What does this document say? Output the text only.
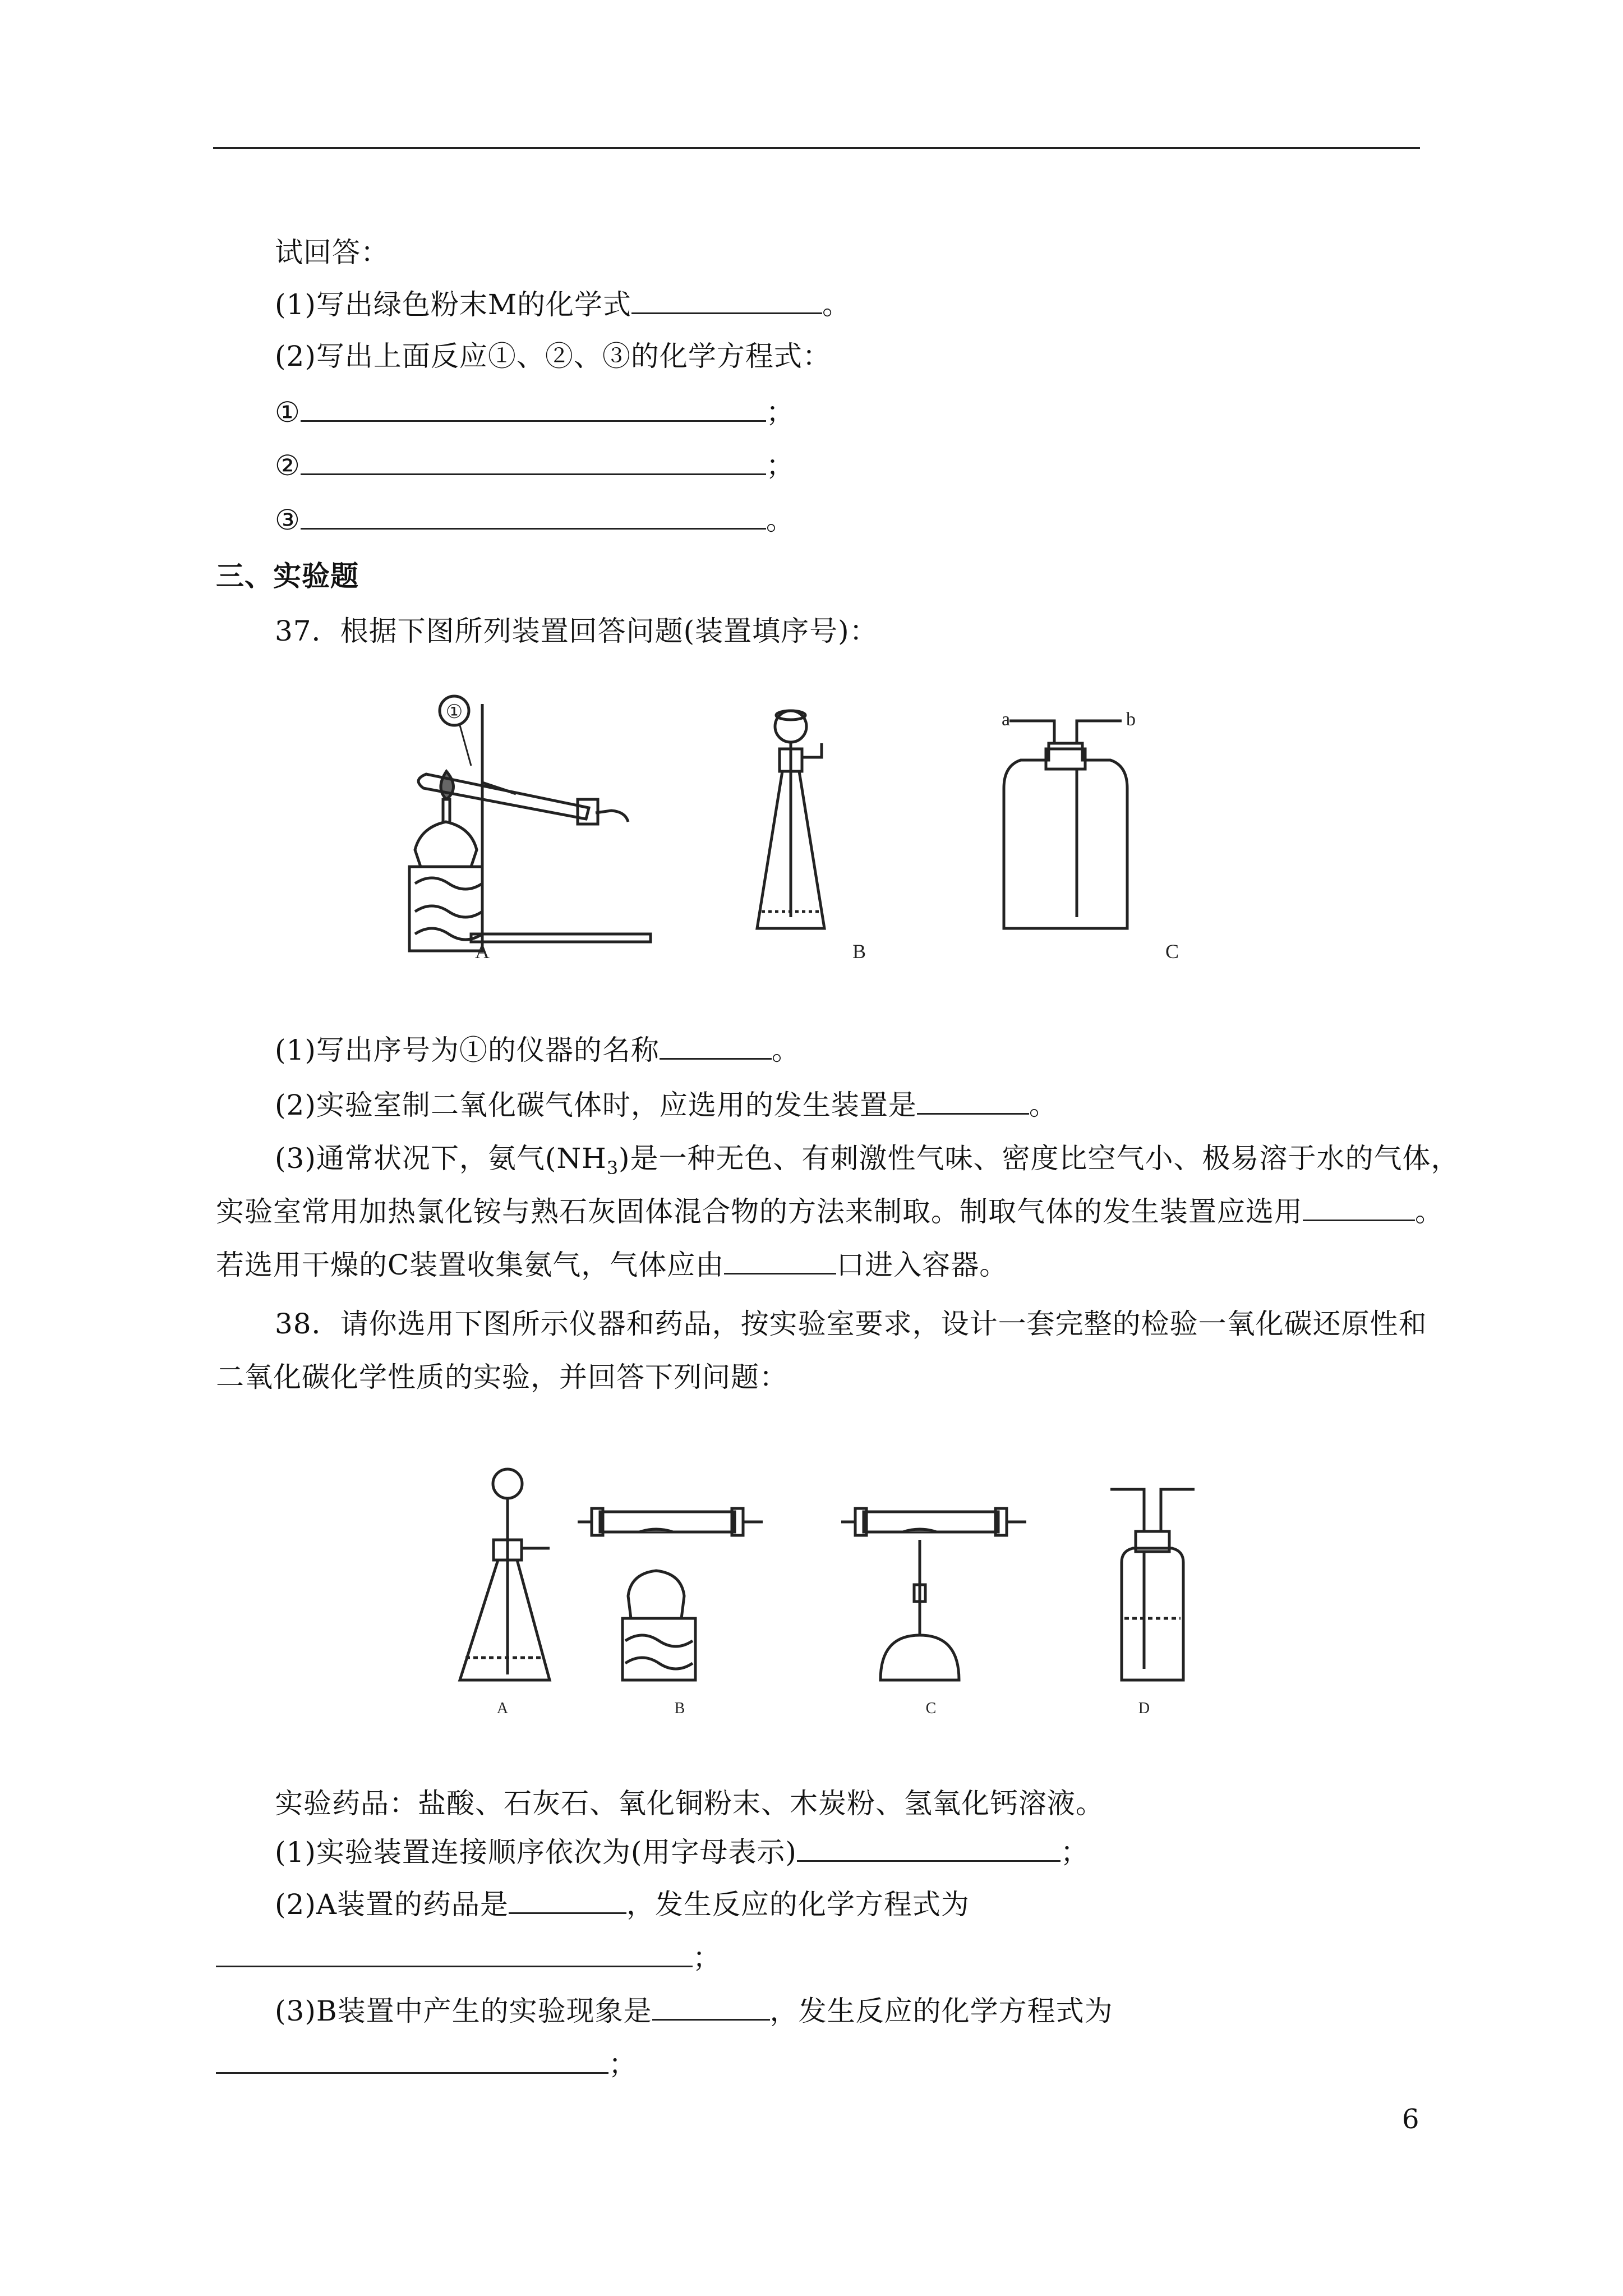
试回答：
(1)写出绿色粉末M的化学式	。
(2)写出上面反应①、②、③的化学方程式：
①	；
②	；
③	。
三、实验题
37．根据下图所列装置回答问题(装置填序号)：
①	a	b
A	B	C
(1)写出序号为①的仪器的名称	。
(2)实验室制二氧化碳气体时，应选用的发生装置是	。
(3)通常状况下，氨气$(NH_3)$是一种无色、有刺激性气味、密度比空气小、极易溶于水的气体，
实验室常用加热氯化铵与熟石灰固体混合物的方法来制取。制取气体的发生装置应选用	。
若选用干燥的C装置收集氨气，气体应由	口进入容器。
38．请你选用下图所示仪器和药品，按实验室要求，设计一套完整的检验一氧化碳还原性和
二氧化碳化学性质的实验，并回答下列问题：
A	B	C	D
实验药品：盐酸、石灰石、氧化铜粉末、木炭粉、氢氧化钙溶液。
(1)实验装置连接顺序依次为(用字母表示)	；
(2)A装置的药品是	，发生反应的化学方程式为
；
(3)B装置中产生的实验现象是	，发生反应的化学方程式为
；
6
